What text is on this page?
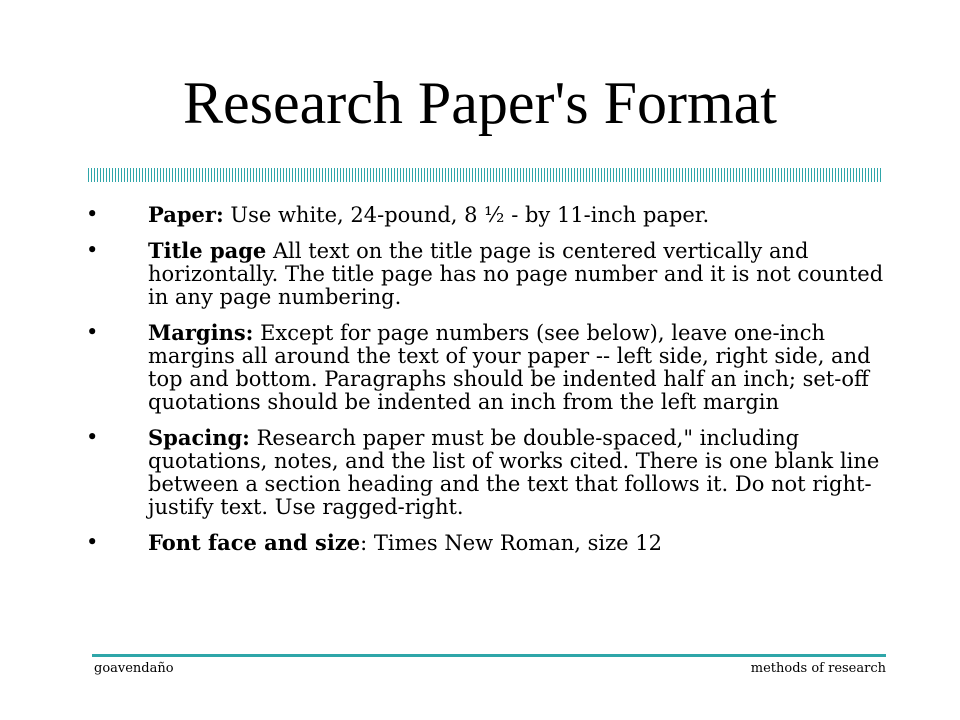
Research Paper's Format
• Paper: Use white, 24-pound, 8 ½ - by 11-inch paper.
• Title page All text on the title page is centered vertically and horizontally. The title page has no page number and it is not counted in any page numbering.
• Margins: Except for page numbers (see below), leave one-inch margins all around the text of your paper -- left side, right side, and top and bottom. Paragraphs should be indented half an inch; set-off quotations should be indented an inch from the left margin
• Spacing: Research paper must be double-spaced," including quotations, notes, and the list of works cited. There is one blank line between a section heading and the text that follows it. Do not right-justify text. Use ragged-right.
• Font face and size: Times New Roman, size 12
goavendaño	methods of research
